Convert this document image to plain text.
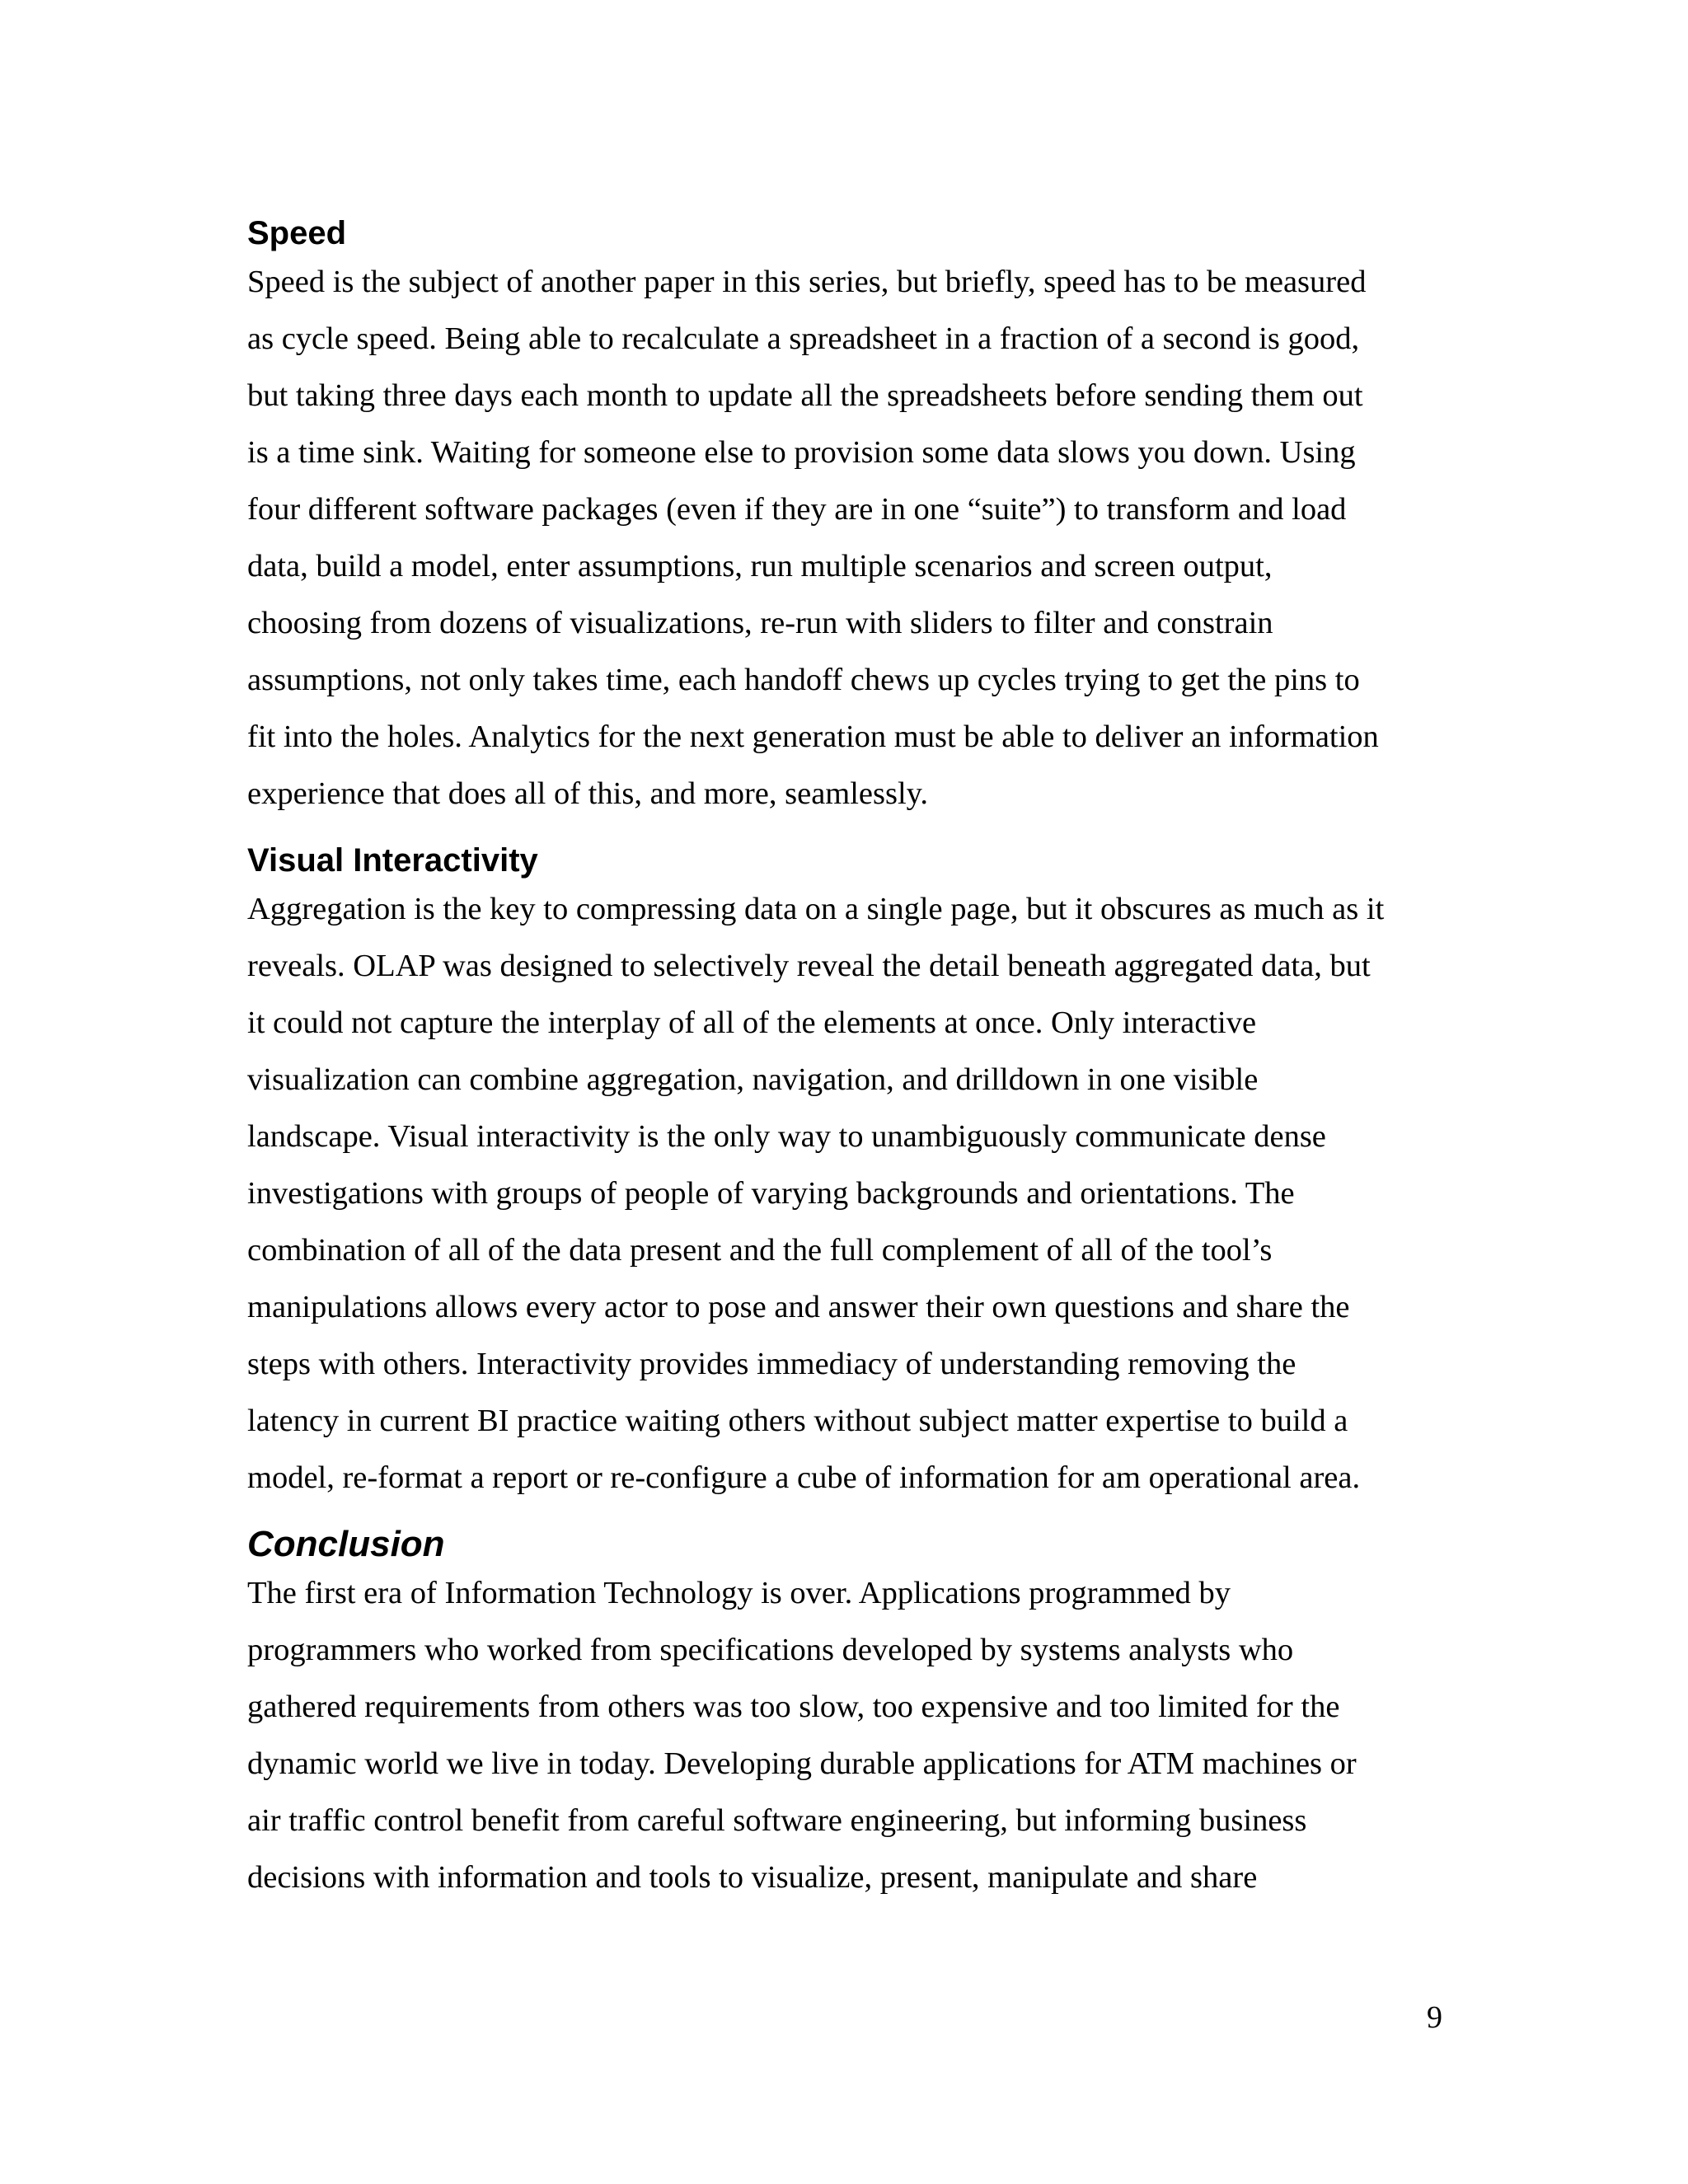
Speed

Speed is the subject of another paper in this series, but briefly, speed has to be measured

as cycle speed. Being able to recalculate a spreadsheet in a fraction of a second is good,

but taking three days each month to update all the spreadsheets before sending them out

is a time sink. Waiting for someone else to provision some data slows you down. Using

four different software packages (even if they are in one “suite”) to transform and load

data, build a model, enter assumptions, run multiple scenarios and screen output,

choosing from dozens of visualizations, re-run with sliders to filter and constrain

assumptions, not only takes time, each handoff chews up cycles trying to get the pins to

fit into the holes. Analytics for the next generation must be able to deliver an information

experience that does all of this, and more, seamlessly.

Visual Interactivity

Aggregation is the key to compressing data on a single page, but it obscures as much as it

reveals. OLAP was designed to selectively reveal the detail beneath aggregated data, but

it could not capture the interplay of all of the elements at once. Only interactive

visualization can combine aggregation, navigation, and drilldown in one visible

landscape. Visual interactivity is the only way to unambiguously communicate dense

investigations with groups of people of varying backgrounds and orientations. The

combination of all of the data present and the full complement of all of the tool’s

manipulations allows every actor to pose and answer their own questions and share the

steps with others. Interactivity provides immediacy of understanding removing the

latency in current BI practice waiting others without subject matter expertise to build a

model, re-format a report or re-configure a cube of information for am operational area.

Conclusion

The first era of Information Technology is over. Applications programmed by

programmers who worked from specifications developed by systems analysts who

gathered requirements from others was too slow, too expensive and too limited for the

dynamic world we live in today. Developing durable applications for ATM machines or

air traffic control benefit from careful software engineering, but informing business

decisions with information and tools to visualize, present, manipulate and share

9
